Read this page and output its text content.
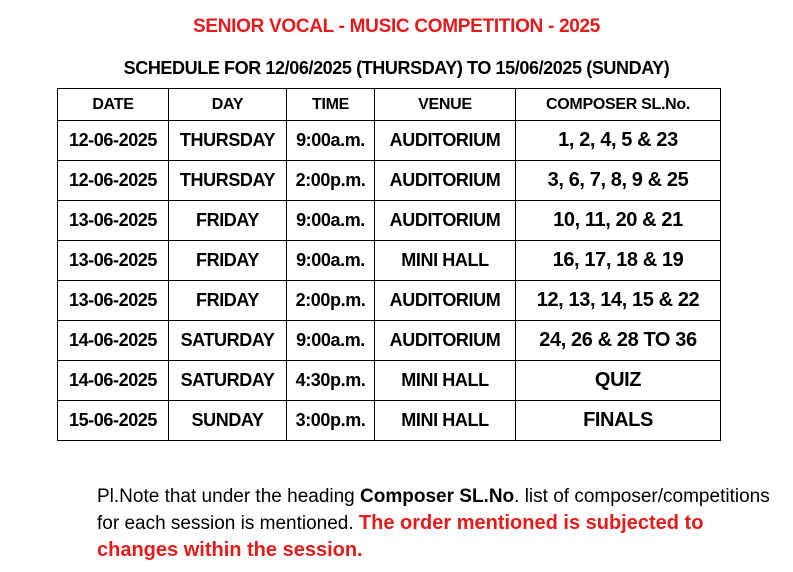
SENIOR VOCAL - MUSIC COMPETITION - 2025
SCHEDULE FOR 12/06/2025 (THURSDAY) TO 15/06/2025 (SUNDAY)
DATE	DAY	TIME	VENUE	COMPOSER SL.No.
12-06-2025	THURSDAY	9:00a.m.	AUDITORIUM	1, 2, 4, 5 & 23
12-06-2025	THURSDAY	2:00p.m.	AUDITORIUM	3, 6, 7, 8, 9 & 25
13-06-2025	FRIDAY	9:00a.m.	AUDITORIUM	10, 11, 20 & 21
13-06-2025	FRIDAY	9:00a.m.	MINI HALL	16, 17, 18 & 19
13-06-2025	FRIDAY	2:00p.m.	AUDITORIUM	12, 13, 14, 15 & 22
14-06-2025	SATURDAY	9:00a.m.	AUDITORIUM	24, 26 & 28 TO 36
14-06-2025	SATURDAY	4:30p.m.	MINI HALL	QUIZ
15-06-2025	SUNDAY	3:00p.m.	MINI HALL	FINALS
Pl.Note that under the heading Composer SL.No. list of composer/competitions for each session is mentioned. The order mentioned is subjected to changes within the session.
